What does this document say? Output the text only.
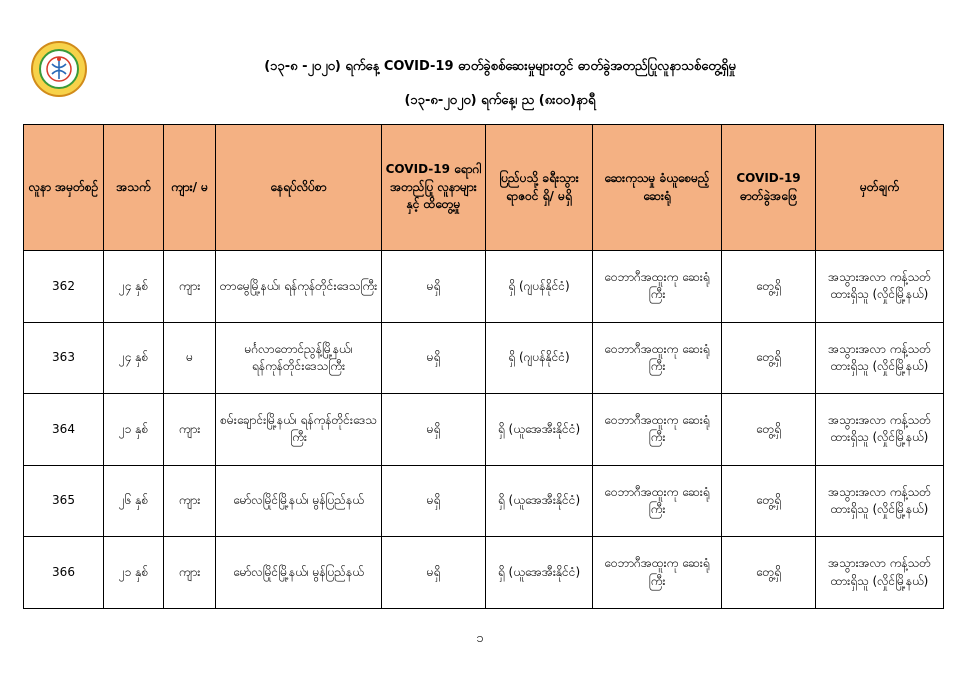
(၁၃-၈ -၂၀၂၀) ရက်နေ့ COVID-19 ဓာတ်ခွဲစစ်ဆေးမှုများတွင် ဓာတ်ခွဲအတည်ပြုလူနာသစ်တွေ့ရှိမှု
(၁၃-၈-၂၀၂၀) ရက်နေ့၊ ည (၈း၀၀)နာရီ
လူနာ အမှတ်စဉ်	အသက်	ကျား/ မ	နေရပ်လိပ်စာ	COVID-19 ရောဂါ အတည်ပြု လူနာများနှင့် ထိတွေ့မှု	ပြည်ပသို့ ခရီးသွား ရာဇဝင် ရှိ/ မရှိ	ဆေးကုသမှု ခံယူစေမည့်ဆေးရုံ	COVID-19 ဓာတ်ခွဲအဖြေ	မှတ်ချက်
362	၂၄ နှစ်	ကျား	တာမွေမြို့နယ်၊ ရန်ကုန်တိုင်းဒေသကြီး	မရှိ	ရှိ (ဂျပန်နိုင်ငံ)	ဝေဘာဂီအထူးကု ဆေးရုံကြီး	တွေ့ရှိ	အသွားအလာ ကန့်သတ်ထားရှိသူ (လှိုင်မြို့နယ်)
363	၂၄ နှစ်	မ	မင်္ဂလာတောင်ညွန့်မြို့နယ်၊ ရန်ကုန်တိုင်းဒေသကြီး	မရှိ	ရှိ (ဂျပန်နိုင်ငံ)	ဝေဘာဂီအထူးကု ဆေးရုံကြီး	တွေ့ရှိ	အသွားအလာ ကန့်သတ်ထားရှိသူ (လှိုင်မြို့နယ်)
364	၂၁ နှစ်	ကျား	စမ်းချောင်းမြို့နယ်၊ ရန်ကုန်တိုင်းဒေသကြီး	မရှိ	ရှိ (ယူအေအီးနိုင်ငံ)	ဝေဘာဂီအထူးကု ဆေးရုံကြီး	တွေ့ရှိ	အသွားအလာ ကန့်သတ်ထားရှိသူ (လှိုင်မြို့နယ်)
365	၂၆ နှစ်	ကျား	မော်လမြိုင်မြို့နယ်၊ မွန်ပြည်နယ်	မရှိ	ရှိ (ယူအေအီးနိုင်ငံ)	ဝေဘာဂီအထူးကု ဆေးရုံကြီး	တွေ့ရှိ	အသွားအလာ ကန့်သတ်ထားရှိသူ (လှိုင်မြို့နယ်)
366	၂၁ နှစ်	ကျား	မော်လမြိုင်မြို့နယ်၊ မွန်ပြည်နယ်	မရှိ	ရှိ (ယူအေအီးနိုင်ငံ)	ဝေဘာဂီအထူးကု ဆေးရုံကြီး	တွေ့ရှိ	အသွားအလာ ကန့်သတ်ထားရှိသူ (လှိုင်မြို့နယ်)
၁
